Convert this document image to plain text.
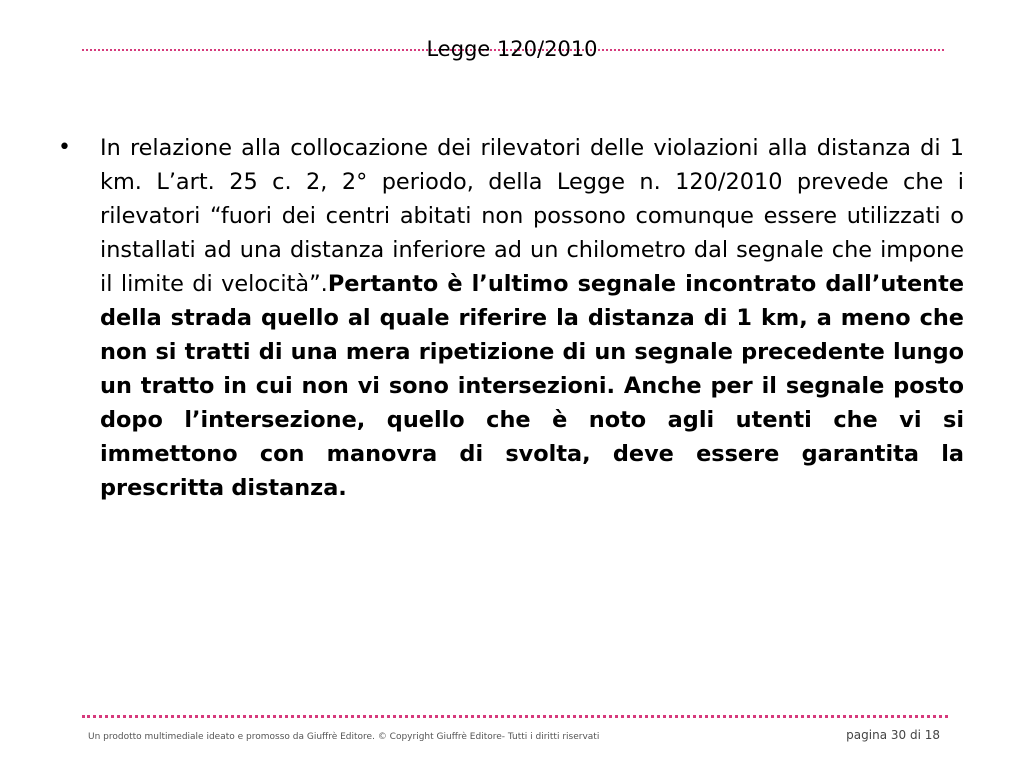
Legge 120/2010
•	In relazione alla collocazione dei rilevatori delle violazioni alla distanza di 1 km. L’art. 25 c. 2, 2° periodo, della Legge n. 120/2010 prevede che i rilevatori “fuori dei centri abitati non possono comunque essere utilizzati o installati ad una distanza inferiore ad un chilometro dal segnale che impone il limite di velocità”.Pertanto è l’ultimo segnale incontrato dall’utente della strada quello al quale riferire la distanza di 1 km, a meno che non si tratti di una mera ripetizione di un segnale precedente lungo un tratto in cui non vi sono intersezioni. Anche per il segnale posto dopo l’intersezione, quello che è noto agli utenti che vi si immettono con manovra di svolta, deve essere garantita la prescritta distanza.
Un prodotto multimediale ideato e promosso da Giuffrè Editore. © Copyright Giuffrè Editore- Tutti i diritti riservati	pagina 30 di 18
